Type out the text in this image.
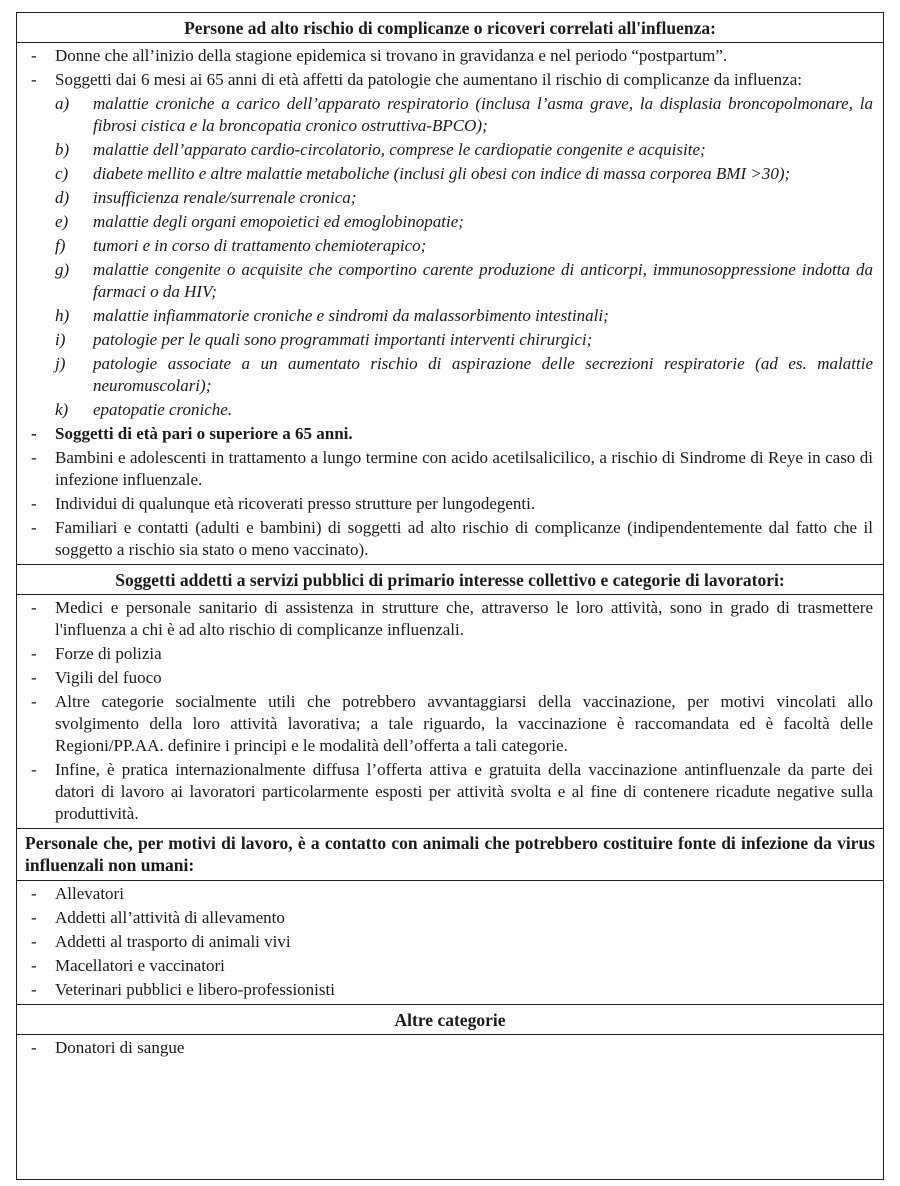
Persone ad alto rischio di complicanze o ricoveri correlati all'influenza:
-	Donne che all’inizio della stagione epidemica si trovano in gravidanza e nel periodo “postpartum”.
-	Soggetti dai 6 mesi ai 65 anni di età affetti da patologie che aumentano il rischio di complicanze da influenza:
a)	malattie croniche a carico dell’apparato respiratorio (inclusa l’asma grave, la displasia broncopolmonare, la fibrosi cistica e la broncopatia cronico ostruttiva-BPCO);
b)	malattie dell’apparato cardio-circolatorio, comprese le cardiopatie congenite e acquisite;
c)	diabete mellito e altre malattie metaboliche (inclusi gli obesi con indice di massa corporea BMI >30);
d)	insufficienza renale/surrenale cronica;
e)	malattie degli organi emopoietici ed emoglobinopatie;
f)	tumori e in corso di trattamento chemioterapico;
g)	malattie congenite o acquisite che comportino carente produzione di anticorpi, immunosoppressione indotta da farmaci o da HIV;
h)	malattie infiammatorie croniche e sindromi da malassorbimento intestinali;
i)	patologie per le quali sono programmati importanti interventi chirurgici;
j)	patologie associate a un aumentato rischio di aspirazione delle secrezioni respiratorie (ad es. malattie neuromuscolari);
k)	epatopatie croniche.
-	Soggetti di età pari o superiore a 65 anni.
-	Bambini e adolescenti in trattamento a lungo termine con acido acetilsalicilico, a rischio di Sindrome di Reye in caso di infezione influenzale.
-	Individui di qualunque età ricoverati presso strutture per lungodegenti.
-	Familiari e contatti (adulti e bambini) di soggetti ad alto rischio di complicanze (indipendentemente dal fatto che il soggetto a rischio sia stato o meno vaccinato).
Soggetti addetti a servizi pubblici di primario interesse collettivo e categorie di lavoratori:
-	Medici e personale sanitario di assistenza in strutture che, attraverso le loro attività, sono in grado di trasmettere l'influenza a chi è ad alto rischio di complicanze influenzali.
-	Forze di polizia
-	Vigili del fuoco
-	Altre categorie socialmente utili che potrebbero avvantaggiarsi della vaccinazione, per motivi vincolati allo svolgimento della loro attività lavorativa; a tale riguardo, la vaccinazione è raccomandata ed è facoltà delle Regioni/PP.AA. definire i principi e le modalità dell’offerta a tali categorie.
-	Infine, è pratica internazionalmente diffusa l’offerta attiva e gratuita della vaccinazione antinfluenzale da parte dei datori di lavoro ai lavoratori particolarmente esposti per attività svolta e al fine di contenere ricadute negative sulla produttività.
Personale che, per motivi di lavoro, è a contatto con animali che potrebbero costituire fonte di infezione da virus influenzali non umani:
-	Allevatori
-	Addetti all’attività di allevamento
-	Addetti al trasporto di animali vivi
-	Macellatori e vaccinatori
-	Veterinari pubblici e libero-professionisti
Altre categorie
-	Donatori di sangue
